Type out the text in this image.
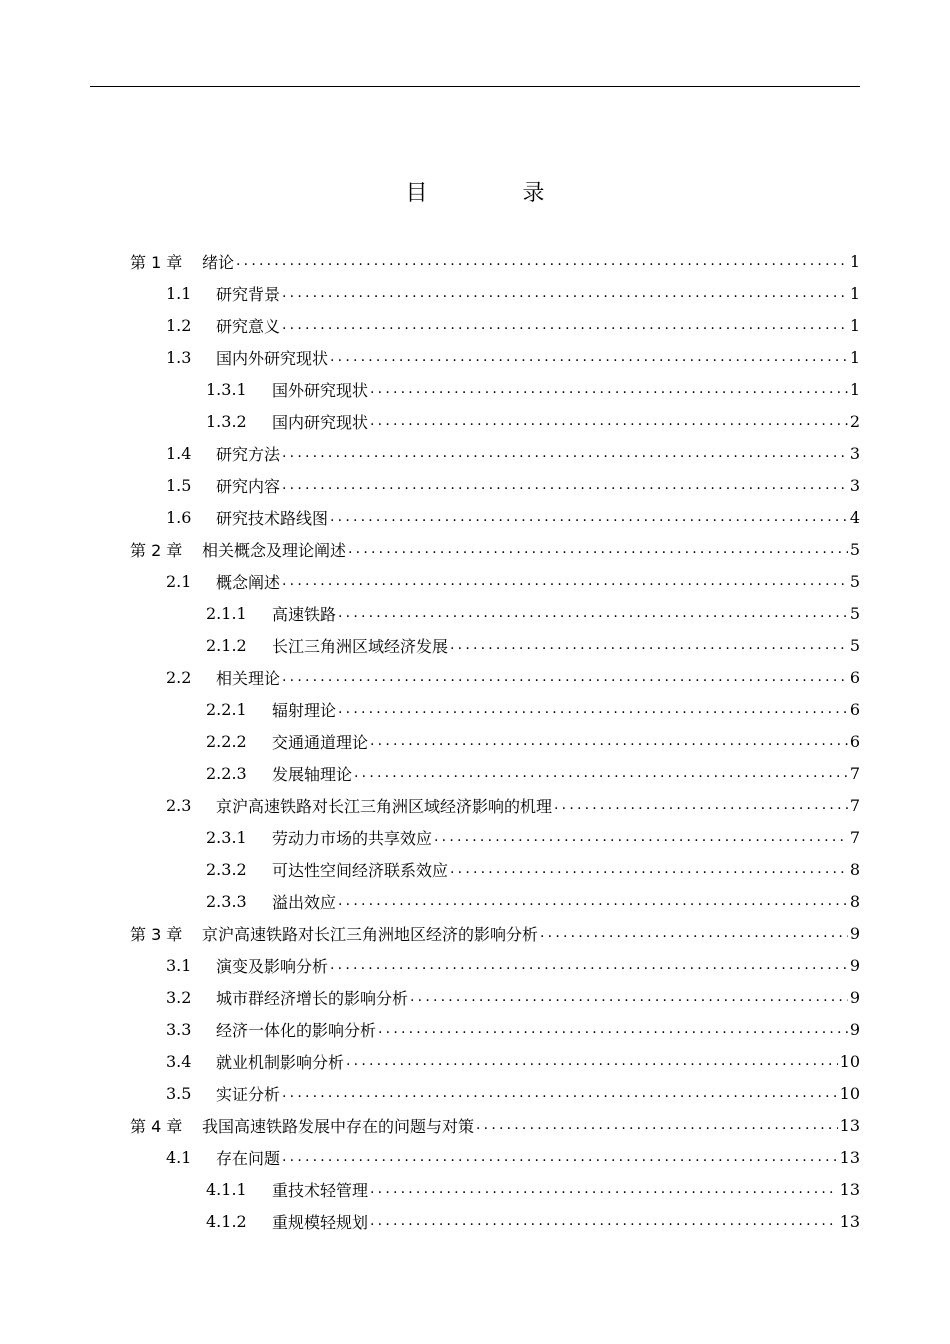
目 录
第 1 章	绪论 .....	1
1.1	研究背景 .....	1
1.2	研究意义 .....	1
1.3	国内外研究现状 .....	1
1.3.1	国外研究现状 .....	1
1.3.2	国内研究现状 .....	2
1.4	研究方法 .....	3
1.5	研究内容 .....	3
1.6	研究技术路线图 .....	4
第 2 章	相关概念及理论阐述 .....	5
2.1	概念阐述 .....	5
2.1.1	高速铁路 .....	5
2.1.2	长江三角洲区域经济发展 .....	5
2.2	相关理论 .....	6
2.2.1	辐射理论 .....	6
2.2.2	交通通道理论 .....	6
2.2.3	发展轴理论 .....	7
2.3	京沪高速铁路对长江三角洲区域经济影响的机理 .....	7
2.3.1	劳动力市场的共享效应 .....	7
2.3.2	可达性空间经济联系效应 .....	8
2.3.3	溢出效应 .....	8
第 3 章	京沪高速铁路对长江三角洲地区经济的影响分析 .....	9
3.1	演变及影响分析 .....	9
3.2	城市群经济增长的影响分析 .....	9
3.3	经济一体化的影响分析 .....	9
3.4	就业机制影响分析 .....	10
3.5	实证分析 .....	10
第 4 章	我国高速铁路发展中存在的问题与对策 .....	13
4.1	存在问题 .....	13
4.1.1	重技术轻管理 .....	13
4.1.2	重规模轻规划 .....	13
